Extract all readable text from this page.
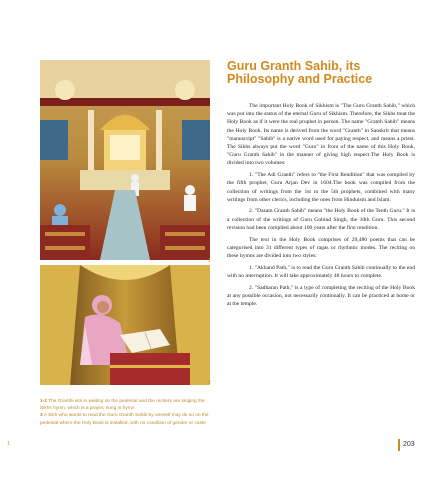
1
2
Guru Granth Sahib, its Philosophy and Practice

The important Holy Book of Sikhism is "The Guru Granth Sahib," which was put into the status of the eternal Guru of Sikhism. Therefore, the Sikhs treat the Holy Book as if it were the real prophet in person. The name "Granth Sahib" means the Holy Book. Its name is derived from the word "Granth" in Sanskrit that means "manuscript" "Sahib" is a native word used for paying respect, and means a priest. The Sikhs always put the word "Guru" in front of the name of this Holy Book, "Guru Granth Sahib" in the manner of giving high respect.The Holy Book is divided into two volumes:

1. "The Adi Granth" refers to "the First Rendition" that was compiled by the fifth prophet, Guru Arjan Dev in 1604.The book was compiled from the collection of writings from the 1st to the 5th prophets, combined with many writings from other clerics, including the ones from Hinduism and Islam.

2. "Dasam Granth Sahib" means "the Holy Book of the Tenth Guru." It is a collection of the writings of Guru Gobind Singh, the 10th Guru. This second revision had been compiled about 100 years after the first rendition.

The text in the Holy Book comprises of 29,480 poems that can be categorised into 31 different types of ragas or rhythmic modes. The reciting on these hymns are divided into two styles:

1. "Akhand Path," is to read the Guru Granth Sahib continually to the end with no interruption. It will take approximately 48 hours to complete.

2. "Sadharan Path," is a type of completing the reciting of the Holy Book at any possible occasion, not necessarily continually. It can be practiced at home or at the temple.

1-2 The Granthi sits in waiting on the pedestal and the reciters are singing the Sikhs hymn, which is a prayer, sung in hymn

3 A Sikh who wants to read the Guru Granth Sahib by oneself may do so on the pedestal where the Holy Book is installed, with no condition of gender or caste

1	203
